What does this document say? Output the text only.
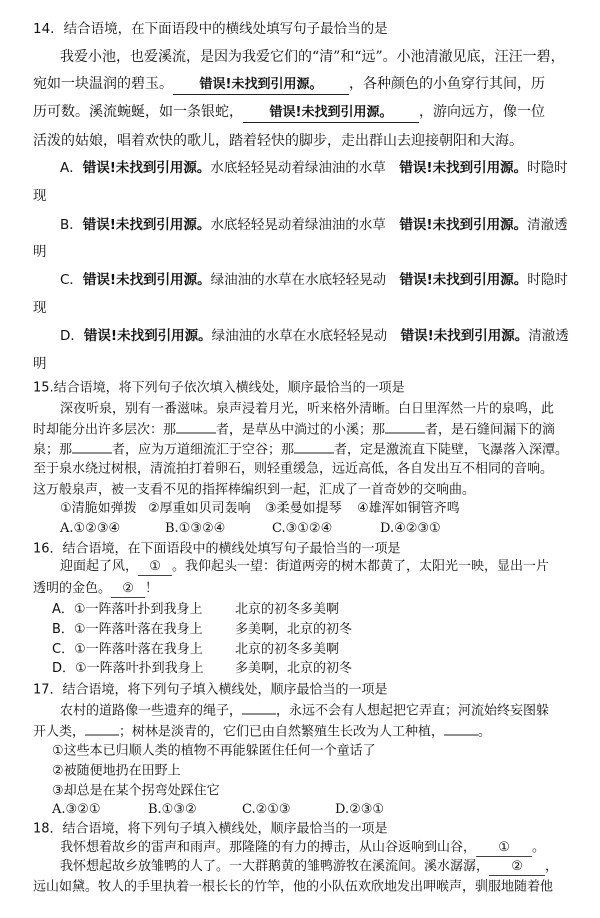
14．结合语境，在下面语段中的横线处填写句子最恰当的是
我爱小池，也爱溪流，是因为我爱它们的“清”和“远”。小池清澈见底，汪汪一碧，
宛如一块温润的碧玉。 错误!未找到引用源。 ，各种颜色的小鱼穿行其间，历
历可数。溪流蜿蜒，如一条银蛇， 错误!未找到引用源。 ，游向远方，像一位
活泼的姑娘，唱着欢快的歌儿，踏着轻快的脚步，走出群山去迎接朝阳和大海。
A．错误!未找到引用源。水底轻轻晃动着绿油油的水草　错误!未找到引用源。时隐时
现
B．错误!未找到引用源。水底轻轻晃动着绿油油的水草　错误!未找到引用源。清澈透
明
C．错误!未找到引用源。绿油油的水草在水底轻轻晃动　错误!未找到引用源。时隐时
现
D．错误!未找到引用源。绿油油的水草在水底轻轻晃动　错误!未找到引用源。清澈透
明
15.结合语境，将下列句子依次填入横线处，顺序最恰当的一项是
深夜听泉，别有一番滋味。泉声浸着月光，听来格外清晰。白日里浑然一片的泉鸣，此
时却能分出许多层次：那	者，是草丛中淌过的小溪；那	者，是石缝间漏下的滴
泉；那	者，应为万道细流汇于空谷；那	者，定是激流直下陡壁，飞瀑落入深潭。
至于泉水绕过树根，清流拍打着卵石，则轻重缓急，远近高低，各自发出互不相同的音响。
这万般泉声，被一支看不见的指挥棒编织到一起，汇成了一首奇妙的交响曲。
①清脆如弹拨 ②厚重如贝司轰响 ③柔曼如提琴 ④雄浑如铜管齐鸣
A.①②③④	B.①③②④	C.③①②④	D.④②③①
16．结合语境，在下面语段中的横线处填写句子最恰当的一项是
迎面起了风， ① 。我仰起头一望：街道两旁的树木都黄了，太阳光一映，显出一片
透明的金色。 ② ！
A．①一阵落叶扑到我身上 北京的初冬多美啊
B．①一阵落叶落在我身上 多美啊，北京的初冬
C．①一阵落叶落在我身上 北京的初冬多美啊
D．①一阵落叶扑到我身上 多美啊，北京的初冬
17．结合语境，将下列句子填入横线处，顺序最恰当的一项是
农村的道路像一些遗弃的绳子，	，永远不会有人想起把它弄直；河流始终妄图躲
开人类，	；树林是淡青的，它们已由自然繁殖生长改为人工种植，	。
①这些本已归顺人类的植物不再能躲匿住任何一个童话了
②被随便地扔在田野上
③却总是在某个拐弯处踩住它
A.③②①	B.①③②	C.②①③	D.②③①
18．结合语境，将下列句子填入横线处，顺序最恰当的一项是
我怀想着故乡的雷声和雨声。那隆隆的有力的搏击，从山谷返响到山谷， ① 。
我怀想起故乡放雏鸭的人了。一大群鹅黄的雏鸭游牧在溪流间。溪水潺潺， ② ，
远山如黛。牧人的手里执着一根长长的竹竿，他的小队伍欢欣地发出呷喉声，驯服地随着他
